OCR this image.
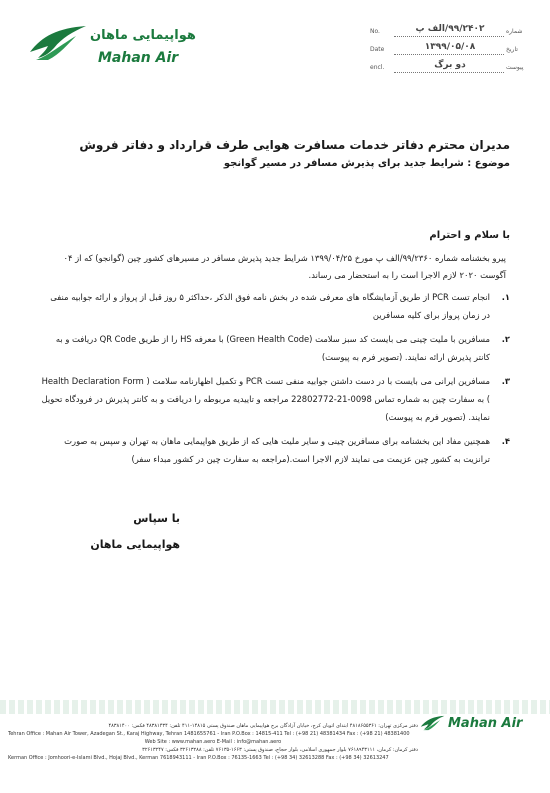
هواپیمایی ماهان
Mahan Air
No.	۹۹/۲۴۰۲/الف پ	شماره
Date	۱۳۹۹/۰۵/۰۸	تاریخ
encl.	دو برگ	پیوست
مدیران محترم دفاتر خدمات مسافرت هوایی طرف قرارداد و دفاتر فروش
موضوع : شرایط جدید برای پذیرش مسافر در مسیر گوانجو
با سلام و احترام
پیرو بخشنامه شماره ۹۹/۲۳۶۰/الف پ مورخ ۱۳۹۹/۰۴/۲۵ شرایط جدید پذیرش مسافر در مسیرهای کشور چین (گوانجو) که از ۰۴ آگوست ۲۰۲۰ لازم الاجرا است را به استحضار می رساند.
۱.
انجام تست PCR از طریق آزمایشگاه های معرفی شده در بخش نامه فوق الذکر ،حداکثر ۵ روز قبل از پرواز و ارائه جوابیه منفی در زمان پرواز برای کلیه مسافرین
۲.
مسافرین با ملیت چینی می بایست کد سبز سلامت (Green Health Code) با معرفه HS را از طریق QR Code دریافت و به کانتر پذیرش ارائه نمایند. (تصویر فرم به پیوست)
۳.
مسافرین ایرانی می بایست با در دست داشتن جوابیه منفی تست PCR و تکمیل اظهارنامه سلامت ( Health Declaration Form ) به سفارت چین به شماره تماس 0098-21-22802772 مراجعه و تاییدیه مربوطه را دریافت و به کانتر پذیرش در فرودگاه تحویل نمایند. (تصویر فرم به پیوست)
۴.
همچنین مفاد این بخشنامه برای مسافرین چینی و سایر ملیت هایی که از طریق هواپیمایی ماهان به تهران و سپس به صورت ترانزیت به کشور چین عزیمت می نمایند لازم الاجرا است.(مراجعه به سفارت چین در کشور مبداء سفر)
با سپاس
هواپیمایی ماهان
Mahan Air
دفتر مرکزی تهران: ۴۸۱۸۶۵۵۳۶۱ ابتدای اتوبان کرج، خیابان آزادگان برج هواپیمایی ماهان صندوق پستی ۱۴۸۱۵-۴۱۱ تلفن: ۴۸۳۸۱۴۳۴ فکس: ۴۸۳۸۱۴۰۰
Tehran Office : Mahan Air Tower, Azadegan St., Karaj Highway, Tehran 1481655761 - Iran P.O.Box : 14815-411 Tel : (+98 21) 48381434 Fax : (+98 21) 48381400
Web Site : www.mahan.aero E-Mail : info@mahan.aero
دفتر کرمان: کرمان، ۷۶۱۸۹۴۳۱۱۱ بلوار جمهوری اسلامی، بلوار حجاج، صندوق پستی: ۱۶۶۳-۷۶۱۳۵ تلفن: ۳۲۶۱۳۲۸۸ فکس: ۳۲۶۱۳۲۴۷
Kerman Office : Jomhoori-e-Islami Blvd., Hojaj Blvd., Kerman 7618943111 - Iran P.O.Box : 76135-1663 Tel : (+98 34) 32613288 Fax : (+98 34) 32613247
